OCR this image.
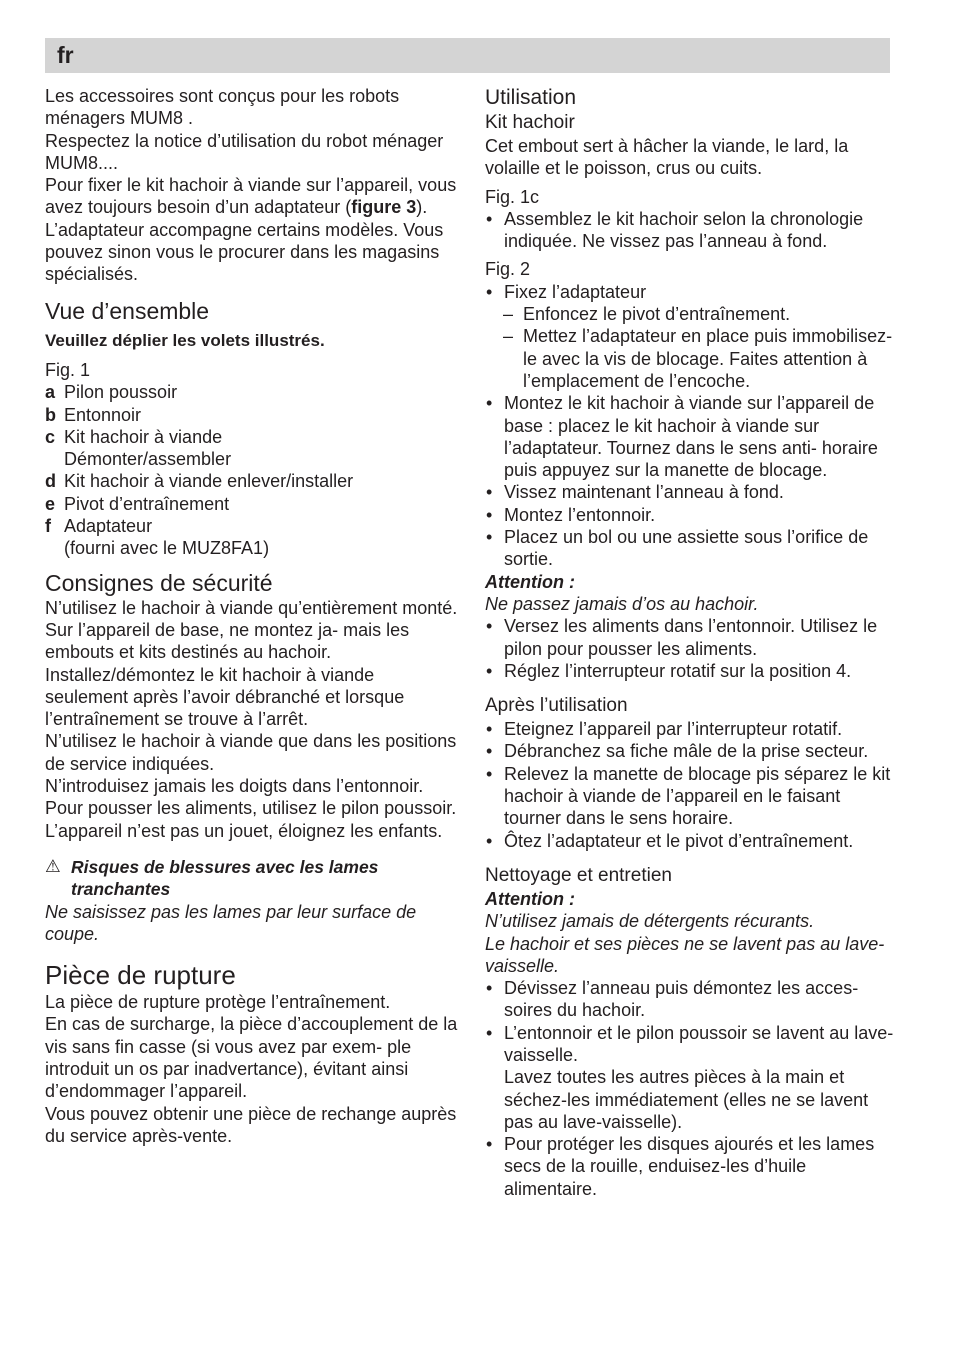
fr

Les accessoires sont conçus pour les robots ménagers MUM8 .

Respectez la notice d’utilisation du robot ménager MUM8....

Pour fixer le kit hachoir à viande sur l’appareil, vous avez toujours besoin d’un adaptateur (figure 3).

L’adaptateur accompagne certains modèles. Vous pouvez sinon vous le procurer dans les magasins spécialisés.

Vue d’ensemble

Veuillez déplier les volets illustrés.

Fig. 1

a Pilon poussoir
b Entonnoir
c Kit hachoir à viande
Démonter/assembler
d Kit hachoir à viande enlever/installer
e Pivot d’entraînement
f Adaptateur
(fourni avec le MUZ8FA1)

Consignes de sécurité

N’utilisez le hachoir à viande qu’entièrement monté. Sur l’appareil de base, ne montez ja- mais les embouts et kits destinés au hachoir.

Installez/démontez le kit hachoir à viande seulement après l’avoir débranché et lorsque l’entraînement se trouve à l’arrêt.

N’utilisez le hachoir à viande que dans les positions de service indiquées.

N’introduisez jamais les doigts dans l’entonnoir. Pour pousser les aliments, utilisez le pilon poussoir.

L’appareil n’est pas un jouet, éloignez les enfants.

⚠ Risques de blessures avec les lames tranchantes

Ne saisissez pas les lames par leur surface de coupe.

Pièce de rupture

La pièce de rupture protège l’entraînement.

En cas de surcharge, la pièce d’accouplement de la vis sans fin casse (si vous avez par exem- ple introduit un os par inadvertance), évitant ainsi d’endommager l’appareil.

Vous pouvez obtenir une pièce de rechange auprès du service après-vente.

Utilisation

Kit hachoir

Cet embout sert à hâcher la viande, le lard, la volaille et le poisson, crus ou cuits.

Fig. 1c

• Assemblez le kit hachoir selon la chronologie indiquée. Ne vissez pas l’anneau à fond.

Fig. 2

• Fixez l’adaptateur
– Enfoncez le pivot d’entraînement.
– Mettez l’adaptateur en place puis immobilisez-le avec la vis de blocage. Faites attention à l’emplacement de l’encoche.
• Montez le kit hachoir à viande sur l’appareil de base : placez le kit hachoir à viande sur l’adaptateur. Tournez dans le sens anti- horaire puis appuyez sur la manette de blocage.
• Vissez maintenant l’anneau à fond.
• Montez l’entonnoir.
• Placez un bol ou une assiette sous l’orifice de sortie.

Attention :

Ne passez jamais d’os au hachoir.

• Versez les aliments dans l’entonnoir. Utilisez le pilon pour pousser les aliments.
• Réglez l’interrupteur rotatif sur la position 4.

Après l’utilisation

• Eteignez l’appareil par l’interrupteur rotatif.
• Débranchez sa fiche mâle de la prise secteur.
• Relevez la manette de blocage pis séparez le kit hachoir à viande de l’appareil en le faisant tourner dans le sens horaire.
• Ôtez l’adaptateur et le pivot d’entraînement.

Nettoyage et entretien

Attention :

N’utilisez jamais de détergents récurants.

Le hachoir et ses pièces ne se lavent pas au lave-vaisselle.

• Dévissez l’anneau puis démontez les acces- soires du hachoir.
• L’entonnoir et le pilon poussoir se lavent au lave-vaisselle.
Lavez toutes les autres pièces à la main et séchez-les immédiatement (elles ne se lavent pas au lave-vaisselle).
• Pour protéger les disques ajourés et les lames secs de la rouille, enduisez-les d’huile alimentaire.
